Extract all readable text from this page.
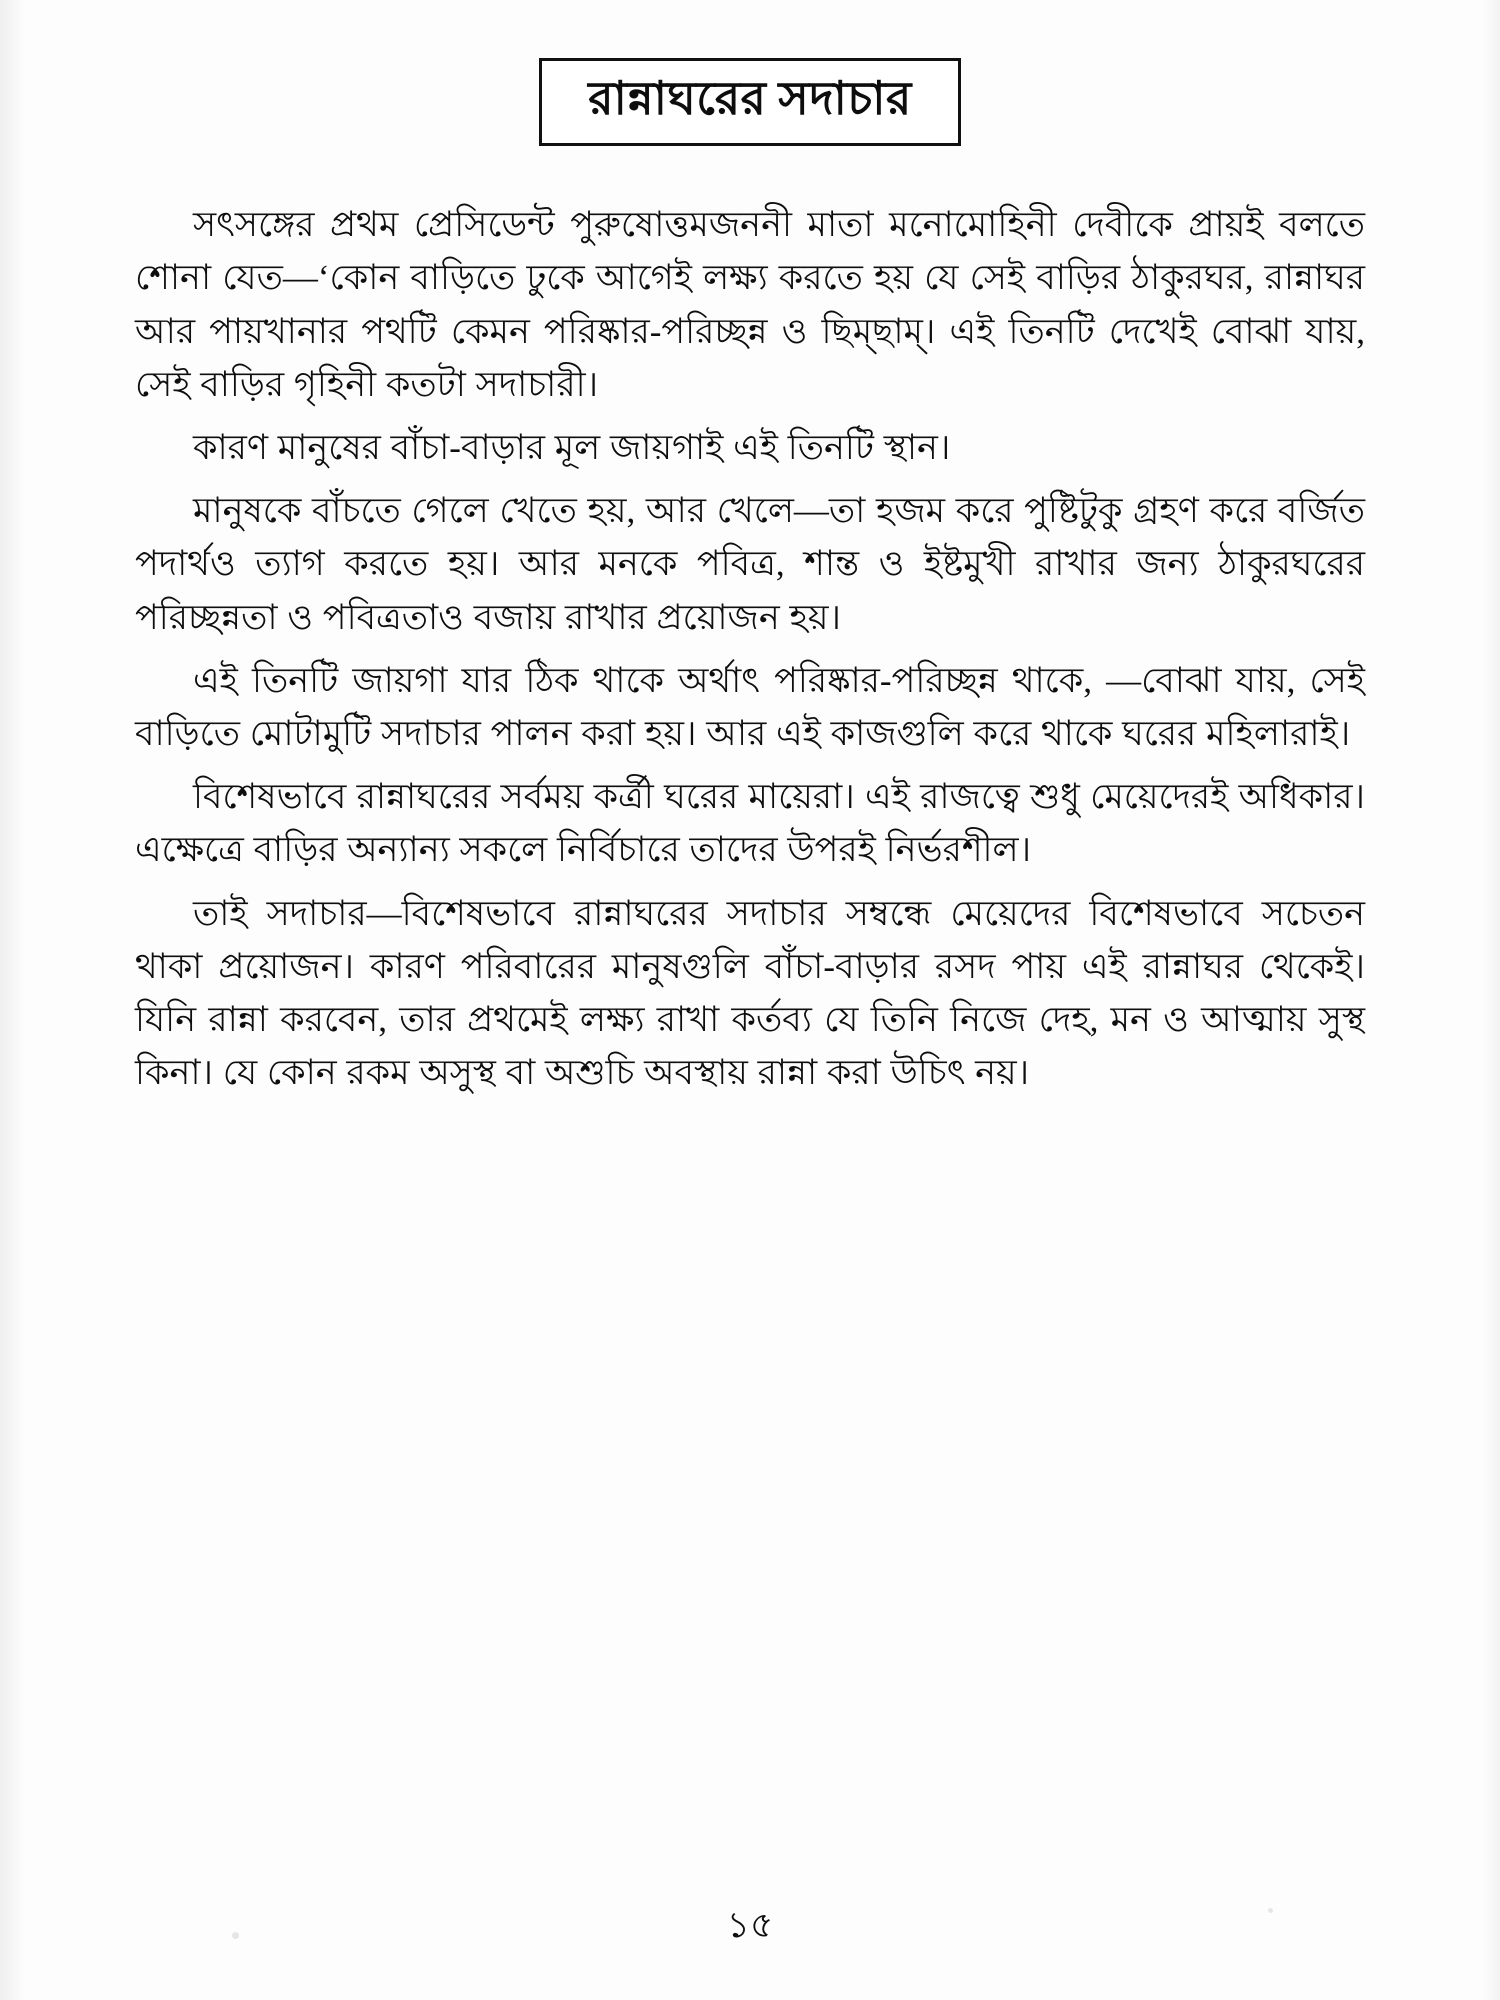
রান্নাঘরের সদাচার

সৎসঙ্গের প্রথম প্রেসিডেন্ট পুরুষোত্তমজননী মাতা মনোমোহিনী দেবীকে প্রায়ই বলতে শোনা যেত—‘কোন বাড়িতে ঢুকে আগেই লক্ষ্য করতে হয় যে সেই বাড়ির ঠাকুরঘর, রান্নাঘর আর পায়খানার পথটি কেমন পরিষ্কার-পরিচ্ছন্ন ও ছিম্‌ছাম্‌। এই তিনটি দেখেই বোঝা যায়, সেই বাড়ির গৃহিনী কতটা সদাচারী।

কারণ মানুষের বাঁচা-বাড়ার মূল জায়গাই এই তিনটি স্থান।

মানুষকে বাঁচতে গেলে খেতে হয়, আর খেলে—তা হজম করে পুষ্টিটুকু গ্রহণ করে বর্জিত পদার্থও ত্যাগ করতে হয়। আর মনকে পবিত্র, শান্ত ও ইষ্টমুখী রাখার জন্য ঠাকুরঘরের পরিচ্ছন্নতা ও পবিত্রতাও বজায় রাখার প্রয়োজন হয়।

এই তিনটি জায়গা যার ঠিক থাকে অর্থাৎ পরিষ্কার-পরিচ্ছন্ন থাকে, —বোঝা যায়, সেই বাড়িতে মোটামুটি সদাচার পালন করা হয়। আর এই কাজগুলি করে থাকে ঘরের মহিলারাই।

বিশেষভাবে রান্নাঘরের সর্বময় কর্ত্রী ঘরের মায়েরা। এই রাজত্বে শুধু মেয়েদেরই অধিকার। এক্ষেত্রে বাড়ির অন্যান্য সকলে নির্বিচারে তাদের উপরই নির্ভরশীল।

তাই সদাচার—বিশেষভাবে রান্নাঘরের সদাচার সম্বন্ধে মেয়েদের বিশেষভাবে সচেতন থাকা প্রয়োজন। কারণ পরিবারের মানুষগুলি বাঁচা-বাড়ার রসদ পায় এই রান্নাঘর থেকেই। যিনি রান্না করবেন, তার প্রথমেই লক্ষ্য রাখা কর্তব্য যে তিনি নিজে দেহ, মন ও আত্মায় সুস্থ কিনা। যে কোন রকম অসুস্থ বা অশুচি অবস্থায় রান্না করা উচিৎ নয়।

১৫
